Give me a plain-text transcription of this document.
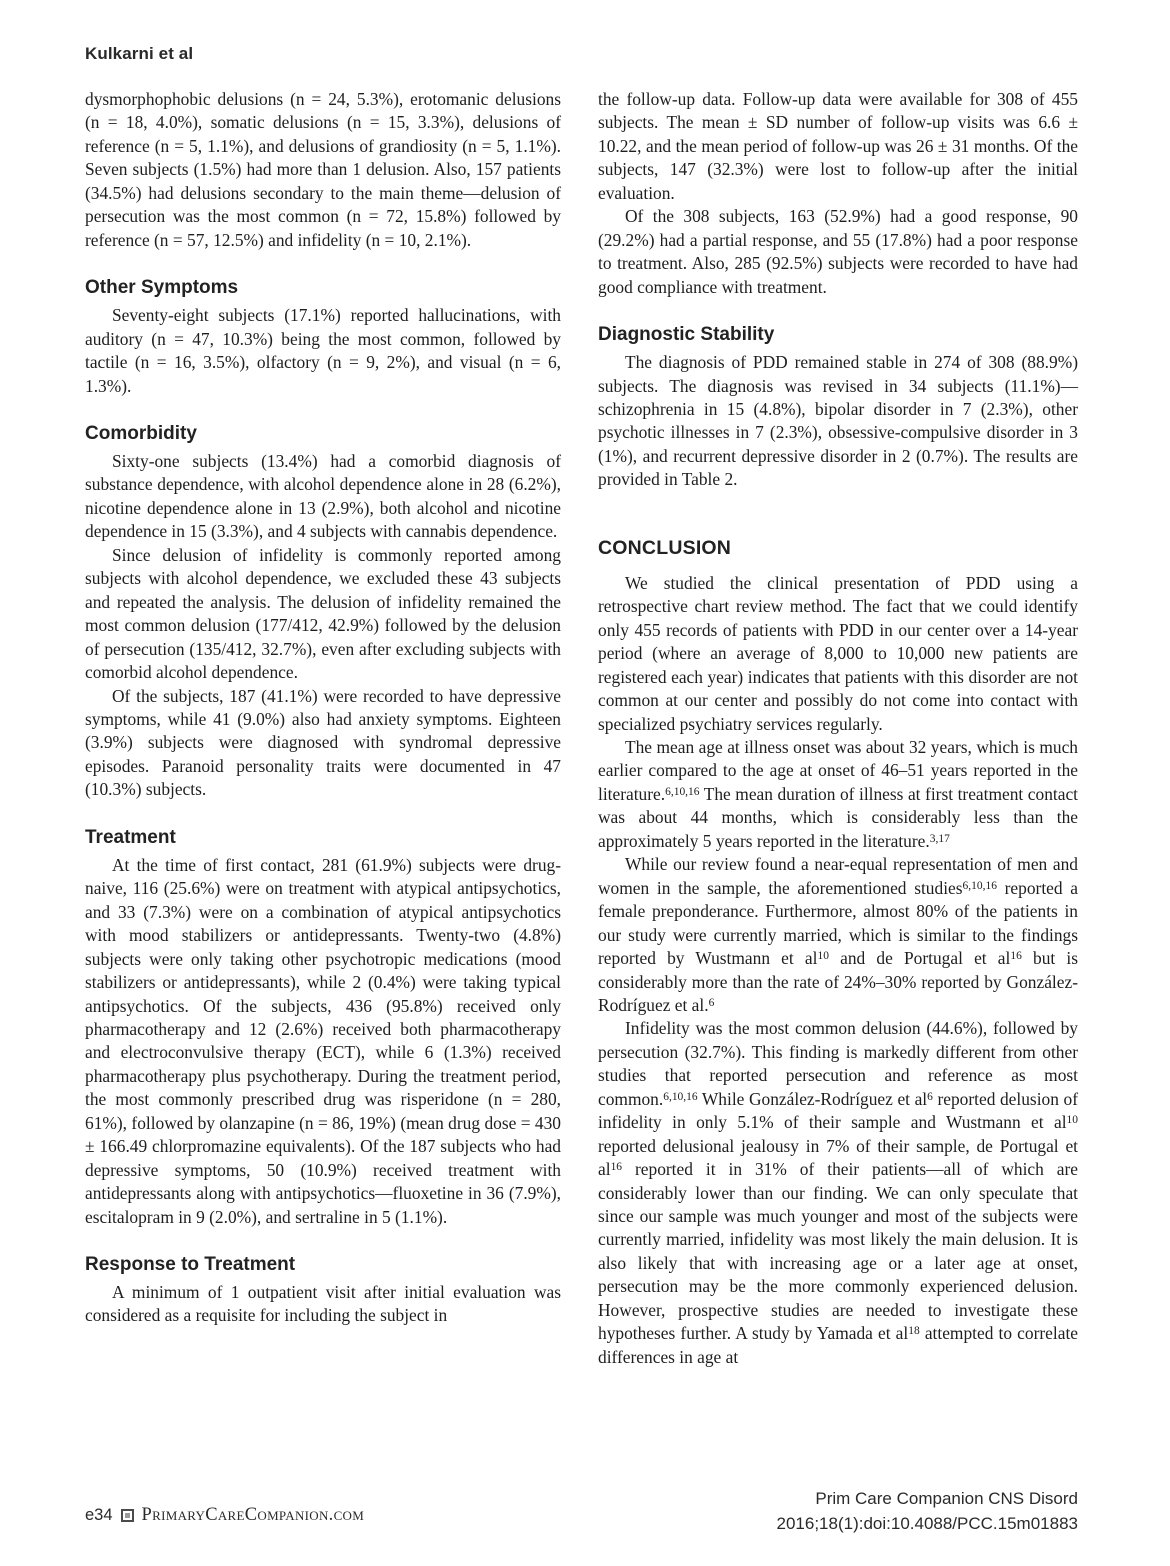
Kulkarni et al

dysmorphophobic delusions (n = 24, 5.3%), erotomanic delusions (n = 18, 4.0%), somatic delusions (n = 15, 3.3%), delusions of reference (n = 5, 1.1%), and delusions of grandiosity (n = 5, 1.1%). Seven subjects (1.5%) had more than 1 delusion. Also, 157 patients (34.5%) had delusions secondary to the main theme—delusion of persecution was the most common (n = 72, 15.8%) followed by reference (n = 57, 12.5%) and infidelity (n = 10, 2.1%).

Other Symptoms

Seventy-eight subjects (17.1%) reported hallucinations, with auditory (n = 47, 10.3%) being the most common, followed by tactile (n = 16, 3.5%), olfactory (n = 9, 2%), and visual (n = 6, 1.3%).

Comorbidity

Sixty-one subjects (13.4%) had a comorbid diagnosis of substance dependence, with alcohol dependence alone in 28 (6.2%), nicotine dependence alone in 13 (2.9%), both alcohol and nicotine dependence in 15 (3.3%), and 4 subjects with cannabis dependence.

Since delusion of infidelity is commonly reported among subjects with alcohol dependence, we excluded these 43 subjects and repeated the analysis. The delusion of infidelity remained the most common delusion (177/412, 42.9%) followed by the delusion of persecution (135/412, 32.7%), even after excluding subjects with comorbid alcohol dependence.

Of the subjects, 187 (41.1%) were recorded to have depressive symptoms, while 41 (9.0%) also had anxiety symptoms. Eighteen (3.9%) subjects were diagnosed with syndromal depressive episodes. Paranoid personality traits were documented in 47 (10.3%) subjects.

Treatment

At the time of first contact, 281 (61.9%) subjects were drug-naive, 116 (25.6%) were on treatment with atypical antipsychotics, and 33 (7.3%) were on a combination of atypical antipsychotics with mood stabilizers or antidepressants. Twenty-two (4.8%) subjects were only taking other psychotropic medications (mood stabilizers or antidepressants), while 2 (0.4%) were taking typical antipsychotics. Of the subjects, 436 (95.8%) received only pharmacotherapy and 12 (2.6%) received both pharmacotherapy and electroconvulsive therapy (ECT), while 6 (1.3%) received pharmacotherapy plus psychotherapy. During the treatment period, the most commonly prescribed drug was risperidone (n = 280, 61%), followed by olanzapine (n = 86, 19%) (mean drug dose = 430 ± 166.49 chlorpromazine equivalents). Of the 187 subjects who had depressive symptoms, 50 (10.9%) received treatment with antidepressants along with antipsychotics—fluoxetine in 36 (7.9%), escitalopram in 9 (2.0%), and sertraline in 5 (1.1%).

Response to Treatment

A minimum of 1 outpatient visit after initial evaluation was considered as a requisite for including the subject in

the follow-up data. Follow-up data were available for 308 of 455 subjects. The mean ± SD number of follow-up visits was 6.6 ± 10.22, and the mean period of follow-up was 26 ± 31 months. Of the subjects, 147 (32.3%) were lost to follow-up after the initial evaluation.

Of the 308 subjects, 163 (52.9%) had a good response, 90 (29.2%) had a partial response, and 55 (17.8%) had a poor response to treatment. Also, 285 (92.5%) subjects were recorded to have had good compliance with treatment.

Diagnostic Stability

The diagnosis of PDD remained stable in 274 of 308 (88.9%) subjects. The diagnosis was revised in 34 subjects (11.1%)—schizophrenia in 15 (4.8%), bipolar disorder in 7 (2.3%), other psychotic illnesses in 7 (2.3%), obsessive-compulsive disorder in 3 (1%), and recurrent depressive disorder in 2 (0.7%). The results are provided in Table 2.

CONCLUSION

We studied the clinical presentation of PDD using a retrospective chart review method. The fact that we could identify only 455 records of patients with PDD in our center over a 14-year period (where an average of 8,000 to 10,000 new patients are registered each year) indicates that patients with this disorder are not common at our center and possibly do not come into contact with specialized psychiatry services regularly.

The mean age at illness onset was about 32 years, which is much earlier compared to the age at onset of 46–51 years reported in the literature.$^{6,10,16}$ The mean duration of illness at first treatment contact was about 44 months, which is considerably less than the approximately 5 years reported in the literature.$^{3,17}$

While our review found a near-equal representation of men and women in the sample, the aforementioned studies$^{6,10,16}$ reported a female preponderance. Furthermore, almost 80% of the patients in our study were currently married, which is similar to the findings reported by Wustmann et $al^{10}$ and de Portugal et $al^{16}$ but is considerably more than the rate of 24%–30% reported by González-Rodríguez et al.$^6$

Infidelity was the most common delusion (44.6%), followed by persecution (32.7%). This finding is markedly different from other studies that reported persecution and reference as most common.$^{6,10,16}$ While González-Rodríguez et $al^6$ reported delusion of infidelity in only 5.1% of their sample and Wustmann et $al^{10}$ reported delusional jealousy in 7% of their sample, de Portugal et $al^{16}$ reported it in 31% of their patients—all of which are considerably lower than our finding. We can only speculate that since our sample was much younger and most of the subjects were currently married, infidelity was most likely the main delusion. It is also likely that with increasing age or a later age at onset, persecution may be the more commonly experienced delusion. However, prospective studies are needed to investigate these hypotheses further. A study by Yamada et $al^{18}$ attempted to correlate differences in age at

e34 PrimaryCareCompanion.com
Prim Care Companion CNS Disord
2016;18(1):doi:10.4088/PCC.15m01883
